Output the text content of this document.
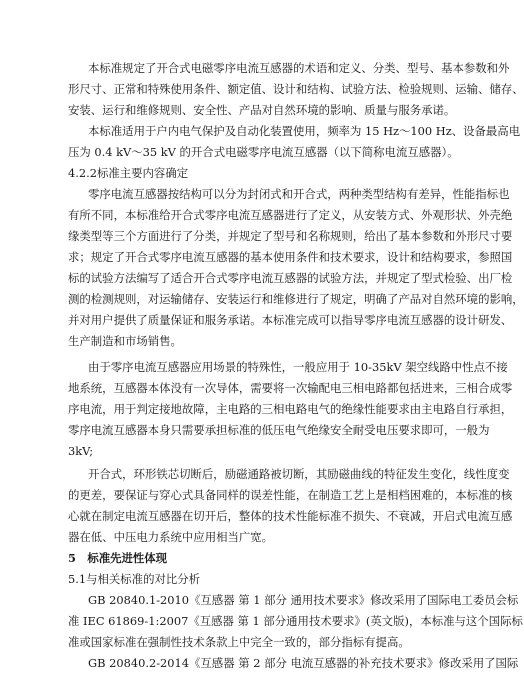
本标准规定了开合式电磁零序电流互感器的术语和定义、分类、型号、基本参数和外
形尺寸、正常和特殊使用条件、额定值、设计和结构、试验方法、检验规则、运输、储存、
安装、运行和维修规则、安全性、产品对自然环境的影响、质量与服务承诺。
本标准适用于户内电气保护及自动化装置使用，频率为 15 Hz～100 Hz、设备最高电
压为 0.4 kV～35 kV 的开合式电磁零序电流互感器（以下简称电流互感器）。
4.2.2标准主要内容确定
零序电流互感器按结构可以分为封闭式和开合式，两种类型结构有差异，性能指标也
有所不同，本标准给开合式零序电流互感器进行了定义，从安装方式、外观形状、外壳绝
缘类型等三个方面进行了分类，并规定了型号和名称规则，给出了基本参数和外形尺寸要
求；规定了开合式零序电流互感器的基本使用条件和技术要求，设计和结构要求，参照国
标的试验方法编写了适合开合式零序电流互感器的试验方法，并规定了型式检验、出厂检
测的检测规则，对运输储存、安装运行和维修进行了规定，明确了产品对自然环境的影响，
并对用户提供了质量保证和服务承诺。本标准完成可以指导零序电流互感器的设计研发、
生产制造和市场销售。
由于零序电流互感器应用场景的特殊性，一般应用于 10-35kV 架空线路中性点不接
地系统，互感器本体没有一次导体，需要将一次输配电三相电路都包括进来，三相合成零
序电流，用于判定接地故障，主电路的三相电路电气的绝缘性能要求由主电路自行承担，
零序电流互感器本身只需要承担标准的低压电气绝缘安全耐受电压要求即可，一般为
3kV;
开合式，环形铁芯切断后，励磁通路被切断，其励磁曲线的特征发生变化，线性度变
的更差，要保证与穿心式具备同样的误差性能，在制造工艺上是相档困难的，本标准的核
心就在制定电流互感器在切开后，整体的技术性能标准不损失、不衰减，开启式电流互感
器在低、中压电力系统中应用相当广宽。
5　标准先进性体现
5.1与相关标准的对比分析
GB 20840.1-2010《互感器 第 1 部分 通用技术要求》修改采用了国际电工委员会标
准 IEC 61869-1:2007《互感器 第 1 部分通用技术要求》(英文版)，本标准与这个国际标
准或国家标准在强制性技术条款上中完全一致的，部分指标有提高。
GB 20840.2-2014《互感器 第 2 部分 电流互感器的补充技术要求》修改采用了国际
